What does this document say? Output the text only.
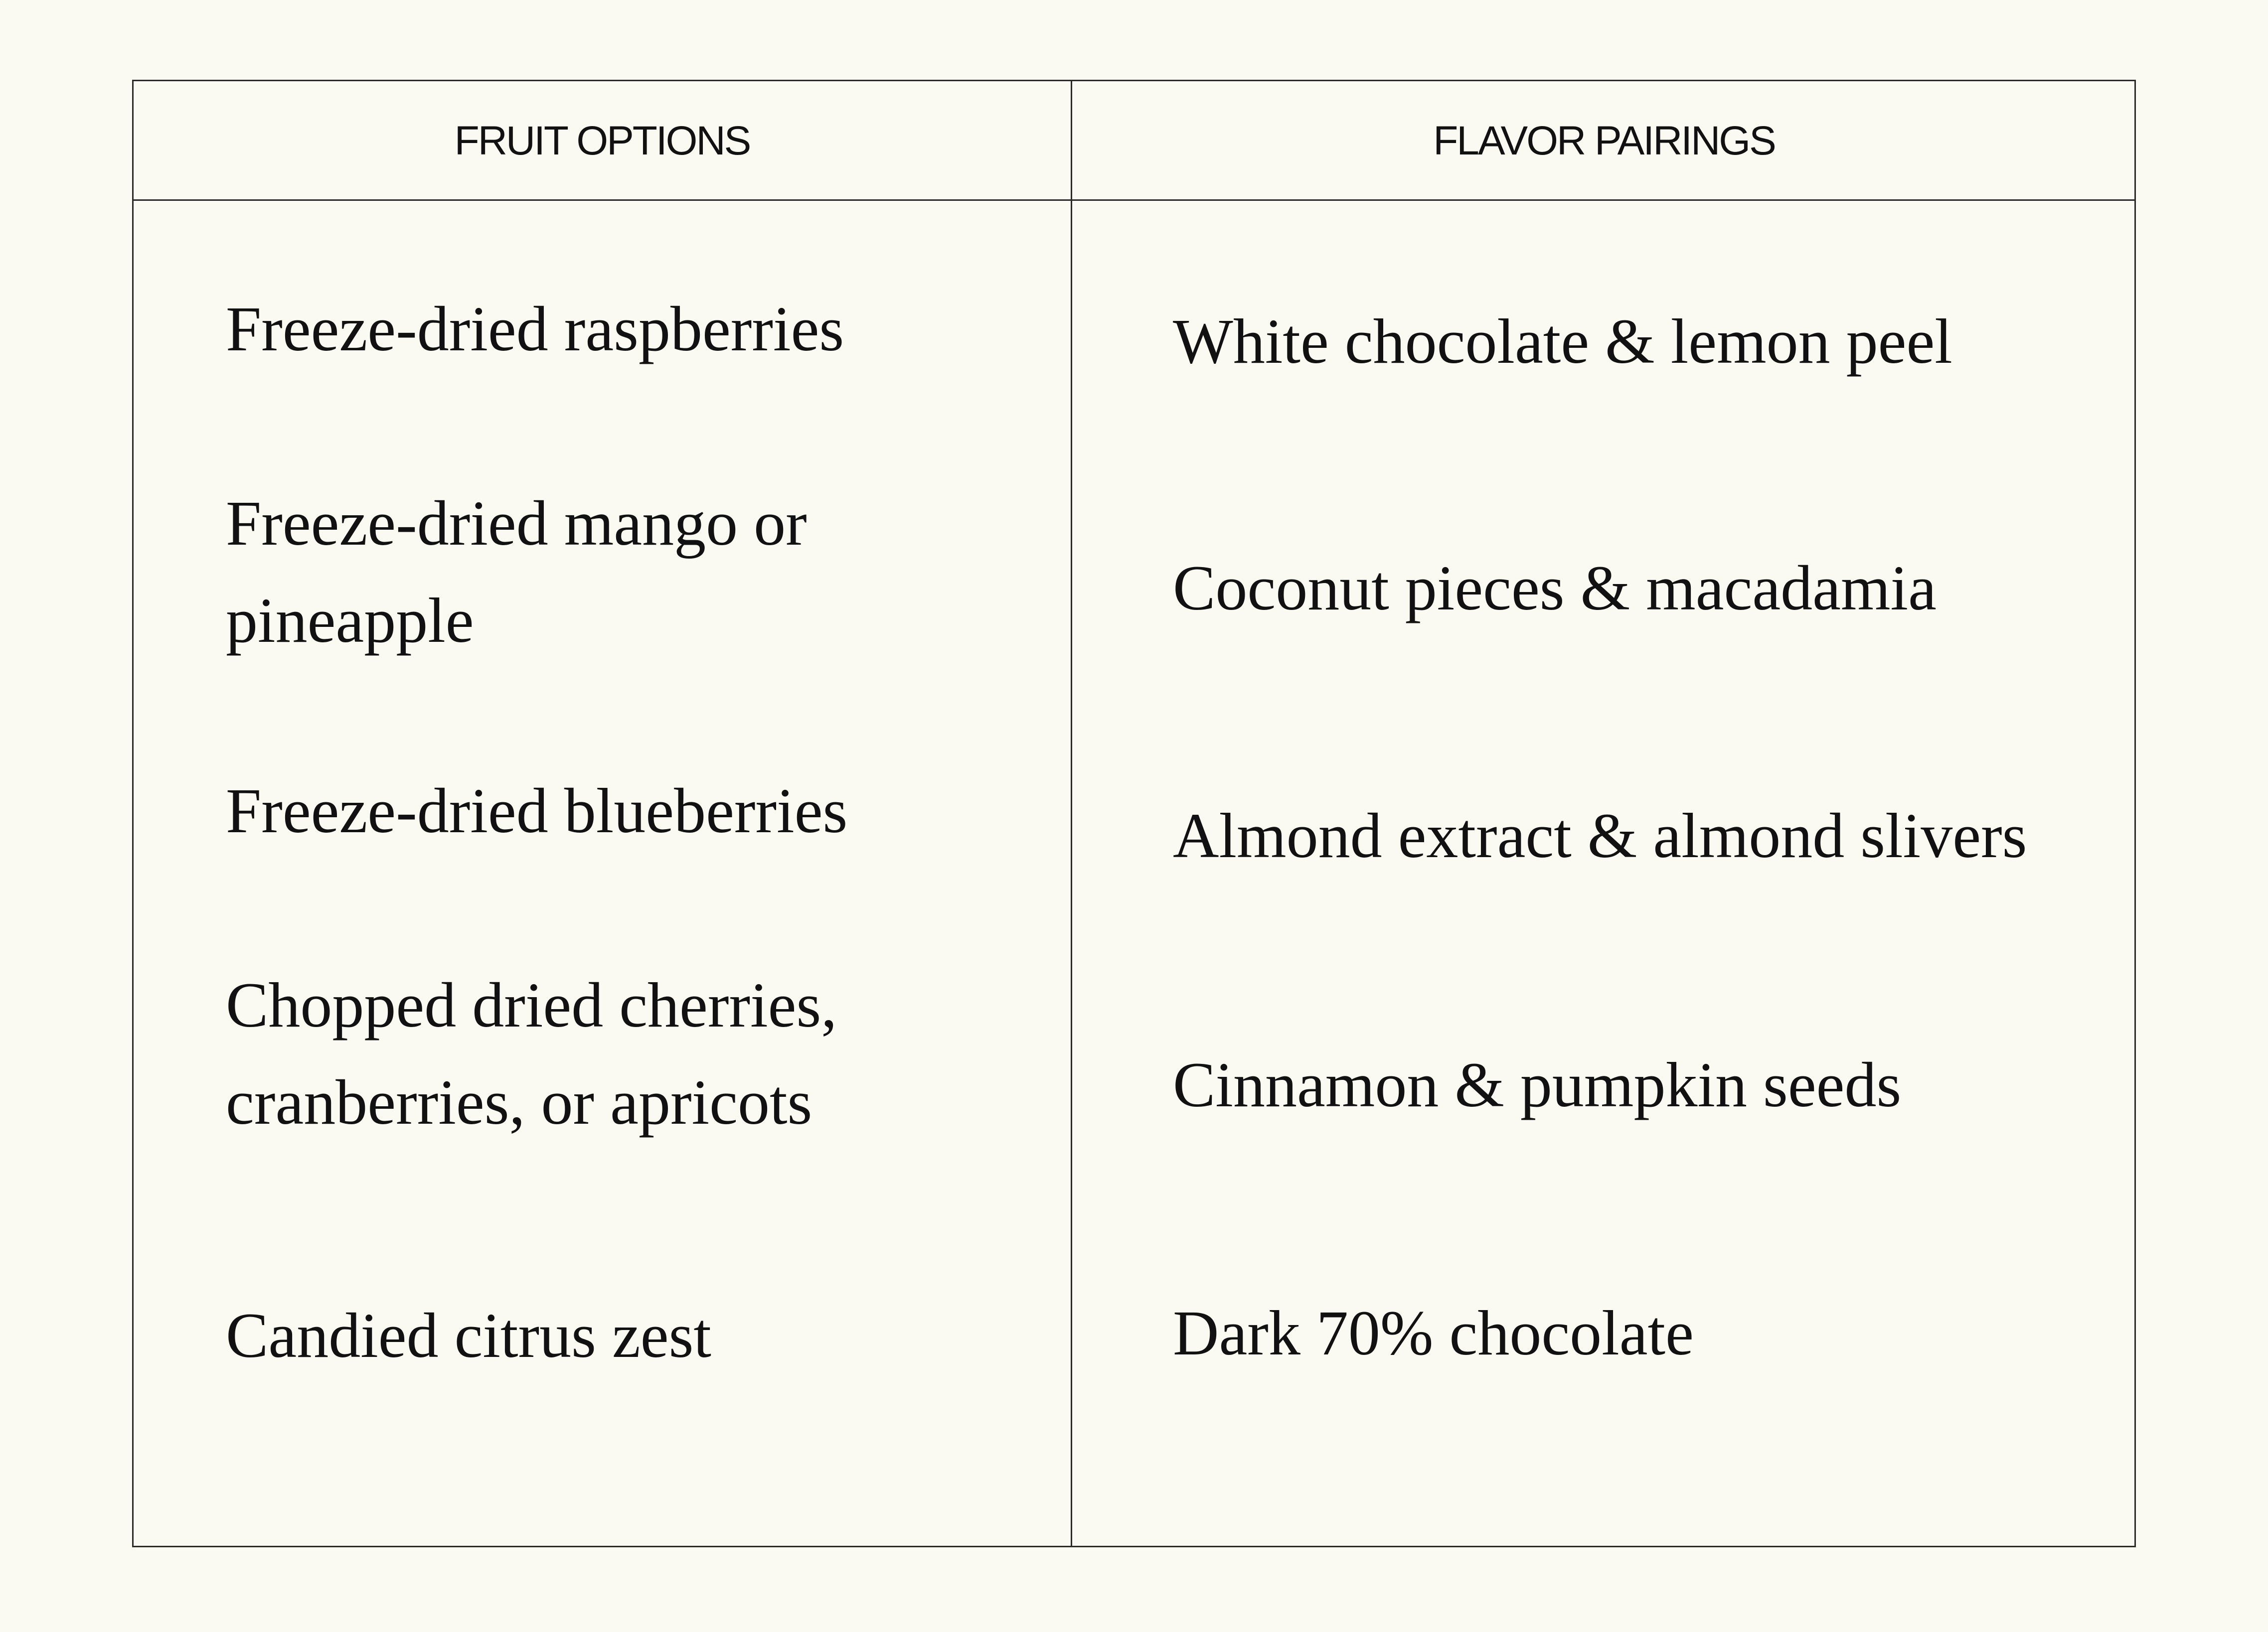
FRUIT OPTIONS	FLAVOR PAIRINGS
Freeze-dried raspberries	White chocolate & lemon peel
Freeze-dried mango or
pineapple	Coconut pieces & macadamia
Freeze-dried blueberries	Almond extract & almond slivers
Chopped dried cherries,
cranberries, or apricots	Cinnamon & pumpkin seeds
Candied citrus zest	Dark 70% chocolate
